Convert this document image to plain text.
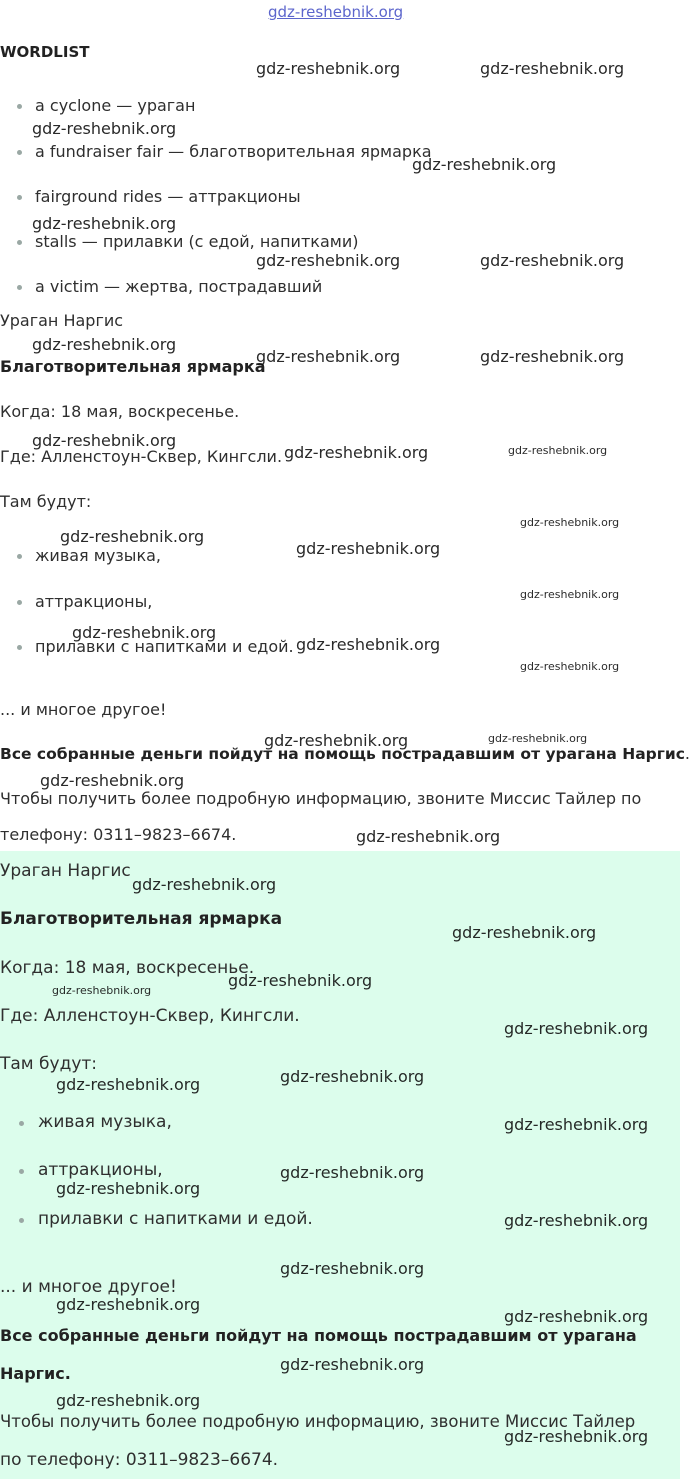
WORDLIST
a cyclone — ураган
a fundraiser fair — благотворительная ярмарка
fairground rides — аттракционы
stalls — прилавки (с едой, напитками)
a victim — жертва, пострадавший
Ураган Наргис
Благотворительная ярмарка
Когда: 18 мая, воскресенье.
Где: Алленстоун-Сквер, Кингсли.
Там будут:
живая музыка,
аттракционы,
прилавки с напитками и едой.
... и многое другое!
Все собранные деньги пойдут на помощь пострадавшим от урагана Наргис.
Чтобы получить более подробную информацию, звоните Миссис Тайлер по
телефону: 0311–9823–6674.
Ураган Наргис
Благотворительная ярмарка
Когда: 18 мая, воскресенье.
Где: Алленстоун-Сквер, Кингсли.
Там будут:
живая музыка,
аттракционы,
прилавки с напитками и едой.
... и многое другое!
Все собранные деньги пойдут на помощь пострадавшим от урагана
Наргис.
Чтобы получить более подробную информацию, звоните Миссис Тайлер
по телефону: 0311–9823–6674.
gdz-reshebnik.org
gdz-reshebnik.org	gdz-reshebnik.org
gdz-reshebnik.org
gdz-reshebnik.org
gdz-reshebnik.org
gdz-reshebnik.org	gdz-reshebnik.org
gdz-reshebnik.org
gdz-reshebnik.org	gdz-reshebnik.org
gdz-reshebnik.org
gdz-reshebnik.org	gdz-reshebnik.org
gdz-reshebnik.org
gdz-reshebnik.org
gdz-reshebnik.org
gdz-reshebnik.org
gdz-reshebnik.org
gdz-reshebnik.org
gdz-reshebnik.org
gdz-reshebnik.org	gdz-reshebnik.org
gdz-reshebnik.org
gdz-reshebnik.org
gdz-reshebnik.org
gdz-reshebnik.org
gdz-reshebnik.org
gdz-reshebnik.org
gdz-reshebnik.org
gdz-reshebnik.org
gdz-reshebnik.org
gdz-reshebnik.org
gdz-reshebnik.org
gdz-reshebnik.org
gdz-reshebnik.org
gdz-reshebnik.org
gdz-reshebnik.org
gdz-reshebnik.org
gdz-reshebnik.org
gdz-reshebnik.org
gdz-reshebnik.org
